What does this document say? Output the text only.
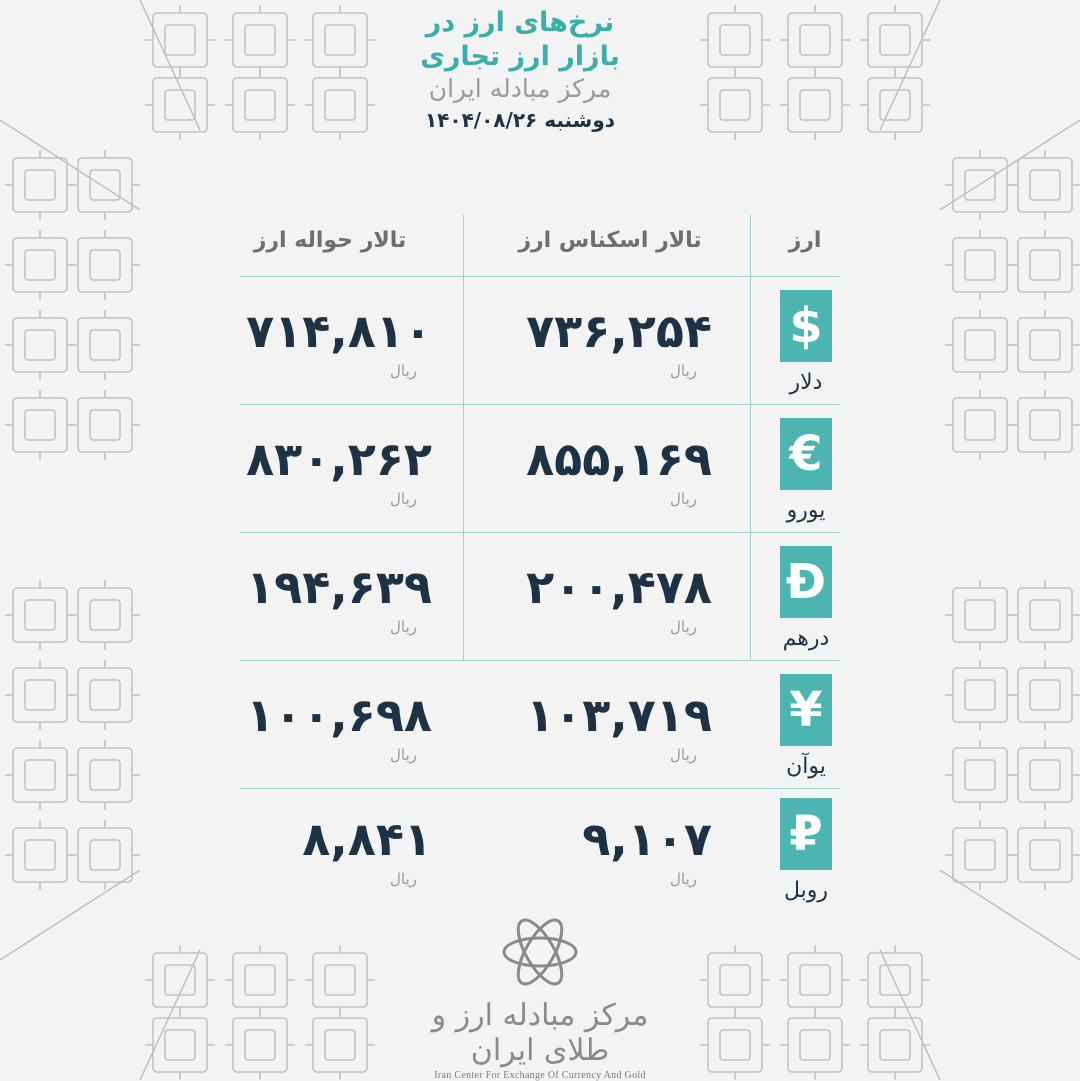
نرخ‌های ارز در
بازار ارز تجاری
مرکز مبادله ایران
دوشنبه ۱۴۰۴/۰۸/۲۶
ارز
تالار اسکناس ارز
تالار حواله ارز
$
دلار
۷۳۶,۲۵۴
ریال
۷۱۴,۸۱۰
ریال
€
یورو
۸۵۵,۱۶۹
ریال
۸۳۰,۲۶۲
ریال
Đ
درهم
۲۰۰,۴۷۸
ریال
۱۹۴,۶۳۹
ریال
¥
یوآن
۱۰۳,۷۱۹
ریال
۱۰۰,۶۹۸
ریال
₽
روبل
۹,۱۰۷
ریال
۸,۸۴۱
ریال
مرکز مبادله ارز و طلای ایران
Iran Center For Exchange Of Currency And Gold
